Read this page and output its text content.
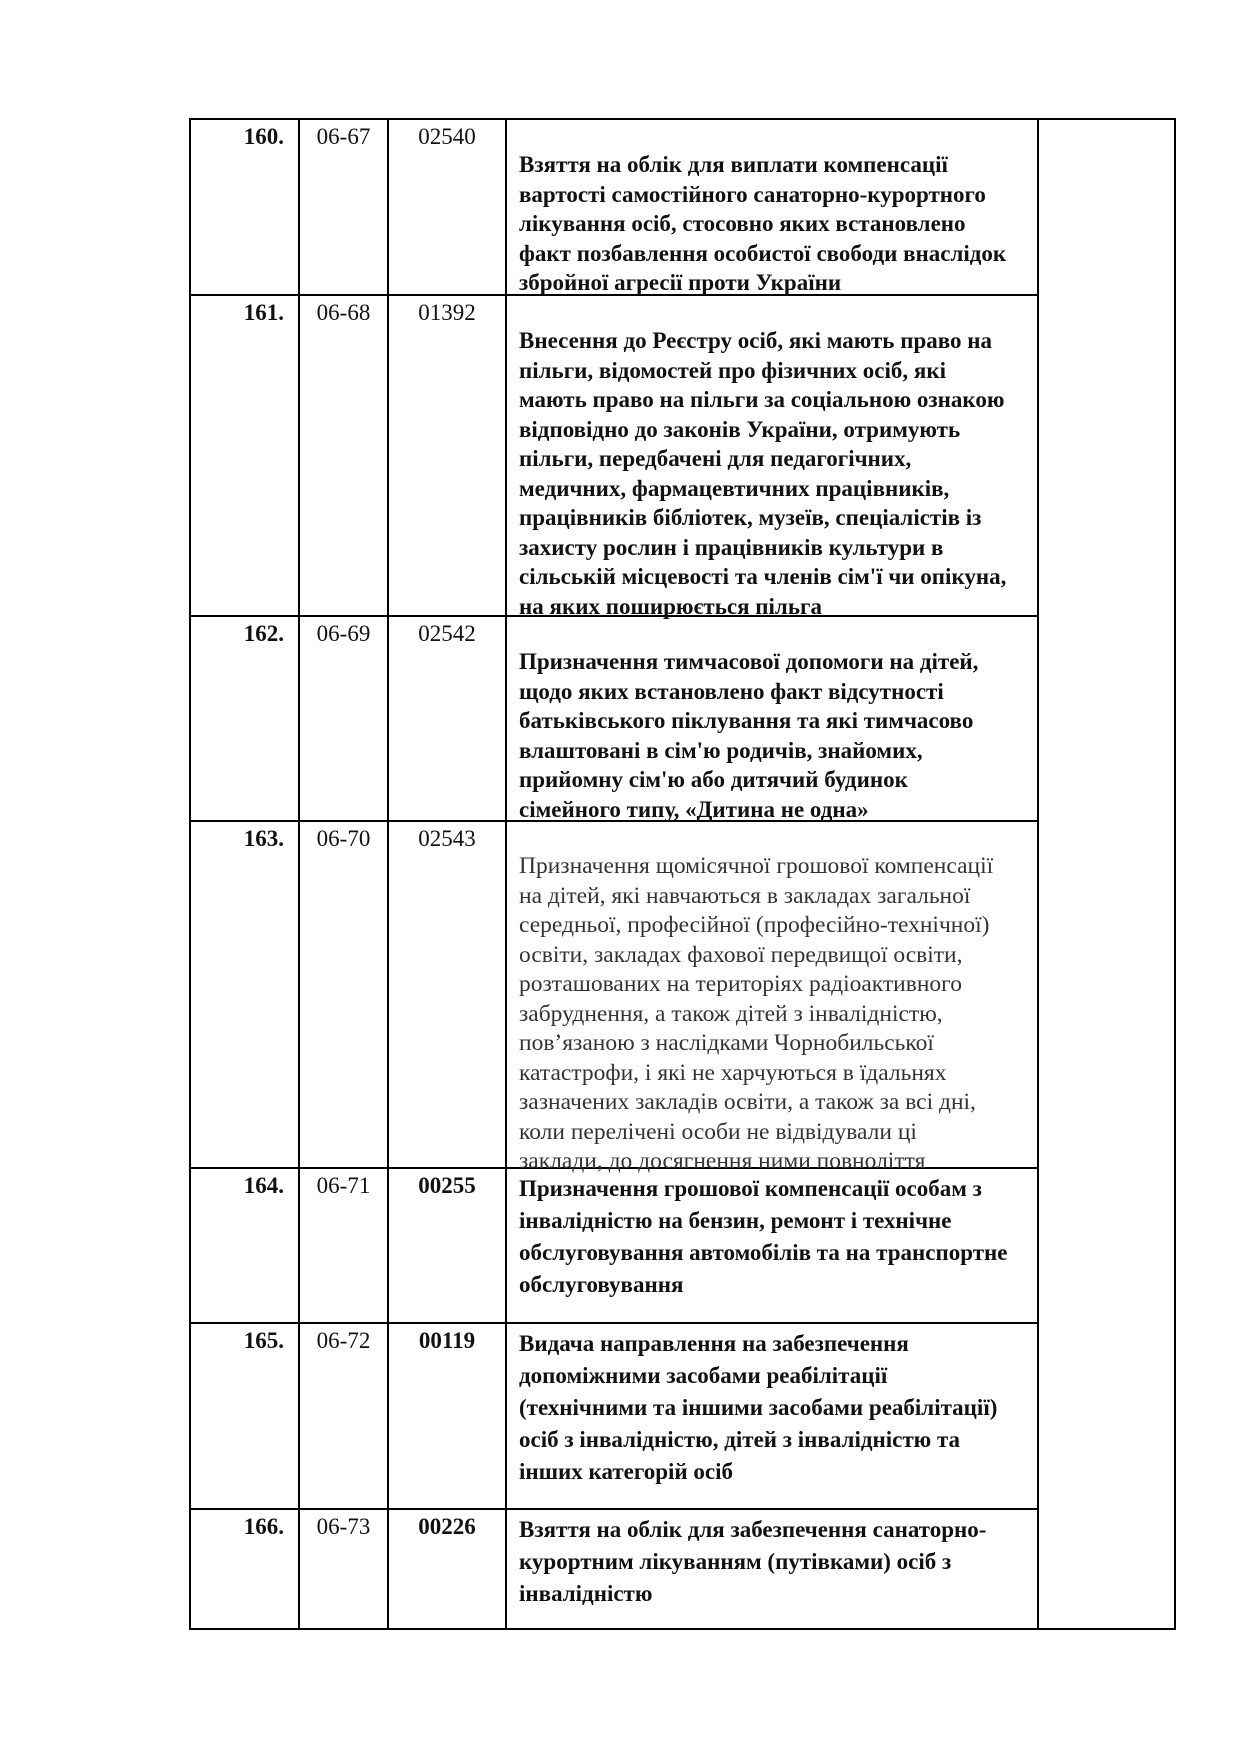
160.	06-67	02540
Взяття на облік для виплати компенсації
вартості самостійного санаторно-курортного
лікування осіб, стосовно яких встановлено
факт позбавлення особистої свободи внаслідок
збройної агресії проти України
161.	06-68	01392
Внесення до Реєстру осіб, які мають право на
пільги, відомостей про фізичних осіб, які
мають право на пільги за соціальною ознакою
відповідно до законів України, отримують
пільги, передбачені для педагогічних,
медичних, фармацевтичних працівників,
працівників бібліотек, музеїв, спеціалістів із
захисту рослин і працівників культури в
сільській місцевості та членів сім'ї чи опікуна,
на яких поширюється пільга
162.	06-69	02542
Призначення тимчасової допомоги на дітей,
щодо яких встановлено факт відсутності
батьківського піклування та які тимчасово
влаштовані в сім'ю родичів, знайомих,
прийомну сім'ю або дитячий будинок
сімейного типу, «Дитина не одна»
163.	06-70	02543
Призначення щомісячної грошової компенсації
на дітей, які навчаються в закладах загальної
середньої, професійної (професійно-технічної)
освіти, закладах фахової передвищої освіти,
розташованих на територіях радіоактивного
забруднення, а також дітей з інвалідністю,
пов’язаною з наслідками Чорнобильської
катастрофи, і які не харчуються в їдальнях
зазначених закладів освіти, а також за всі дні,
коли перелічені особи не відвідували ці
заклади, до досягнення ними повноліття
164.	06-71	00255	Призначення грошової компенсації особам з
інвалідністю на бензин, ремонт і технічне
обслуговування автомобілів та на транспортне
обслуговування
165.	06-72	00119	Видача направлення на забезпечення
допоміжними засобами реабілітації
(технічними та іншими засобами реабілітації)
осіб з інвалідністю, дітей з інвалідністю та
інших категорій осіб
166.	06-73	00226	Взяття на облік для забезпечення санаторно-
курортним лікуванням (путівками) осіб з
інвалідністю
